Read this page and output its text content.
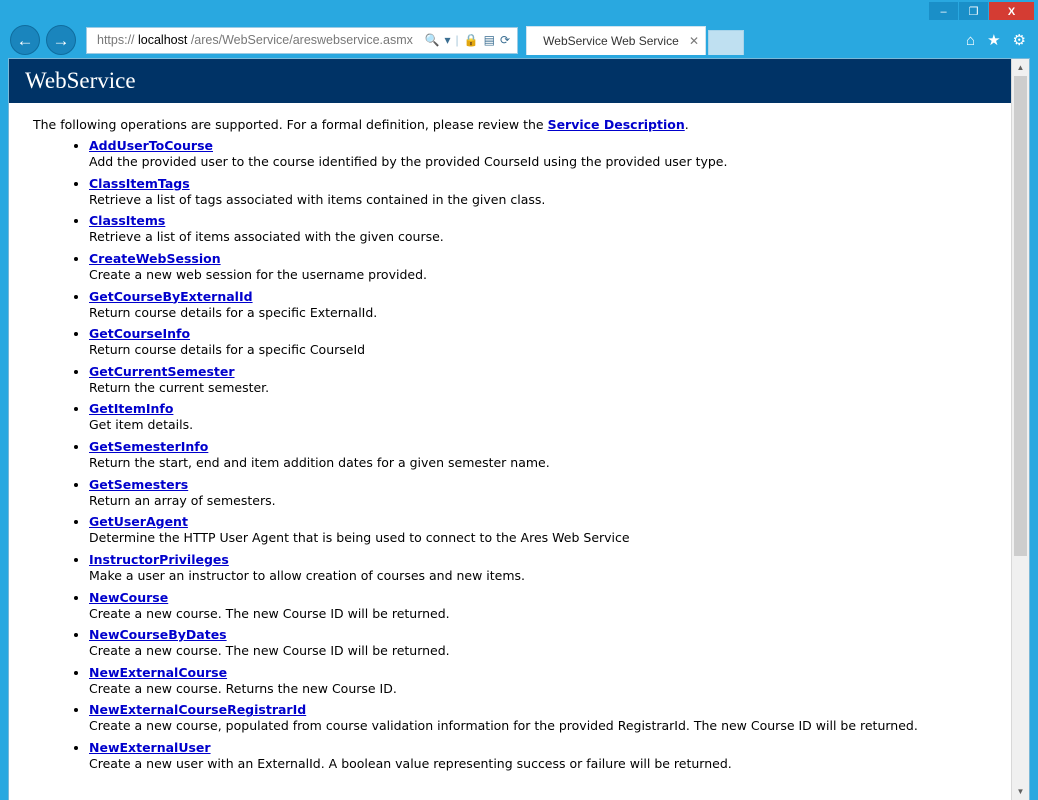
–	❐	X
←	→	https:// localhost /ares/WebService/areswebservice.asmx 🔍 ▾ | 🔒 ▤ ⟳	WebService Web Service ✕	⌂ ★ ⚙
WebService

The following operations are supported. For a formal definition, please review the Service Description.

• AddUserToCourse
Add the provided user to the course identified by the provided CourseId using the provided user type.
• ClassItemTags
Retrieve a list of tags associated with items contained in the given class.
• ClassItems
Retrieve a list of items associated with the given course.
• CreateWebSession
Create a new web session for the username provided.
• GetCourseByExternalId
Return course details for a specific ExternalId.
• GetCourseInfo
Return course details for a specific CourseId
• GetCurrentSemester
Return the current semester.
• GetItemInfo
Get item details.
• GetSemesterInfo
Return the start, end and item addition dates for a given semester name.
• GetSemesters
Return an array of semesters.
• GetUserAgent
Determine the HTTP User Agent that is being used to connect to the Ares Web Service
• InstructorPrivileges
Make a user an instructor to allow creation of courses and new items.
• NewCourse
Create a new course. The new Course ID will be returned.
• NewCourseByDates
Create a new course. The new Course ID will be returned.
• NewExternalCourse
Create a new course. Returns the new Course ID.
• NewExternalCourseRegistrarId
Create a new course, populated from course validation information for the provided RegistrarId. The new Course ID will be returned.
• NewExternalUser
Create a new user with an ExternalId. A boolean value representing success or failure will be returned.
▲
▼
